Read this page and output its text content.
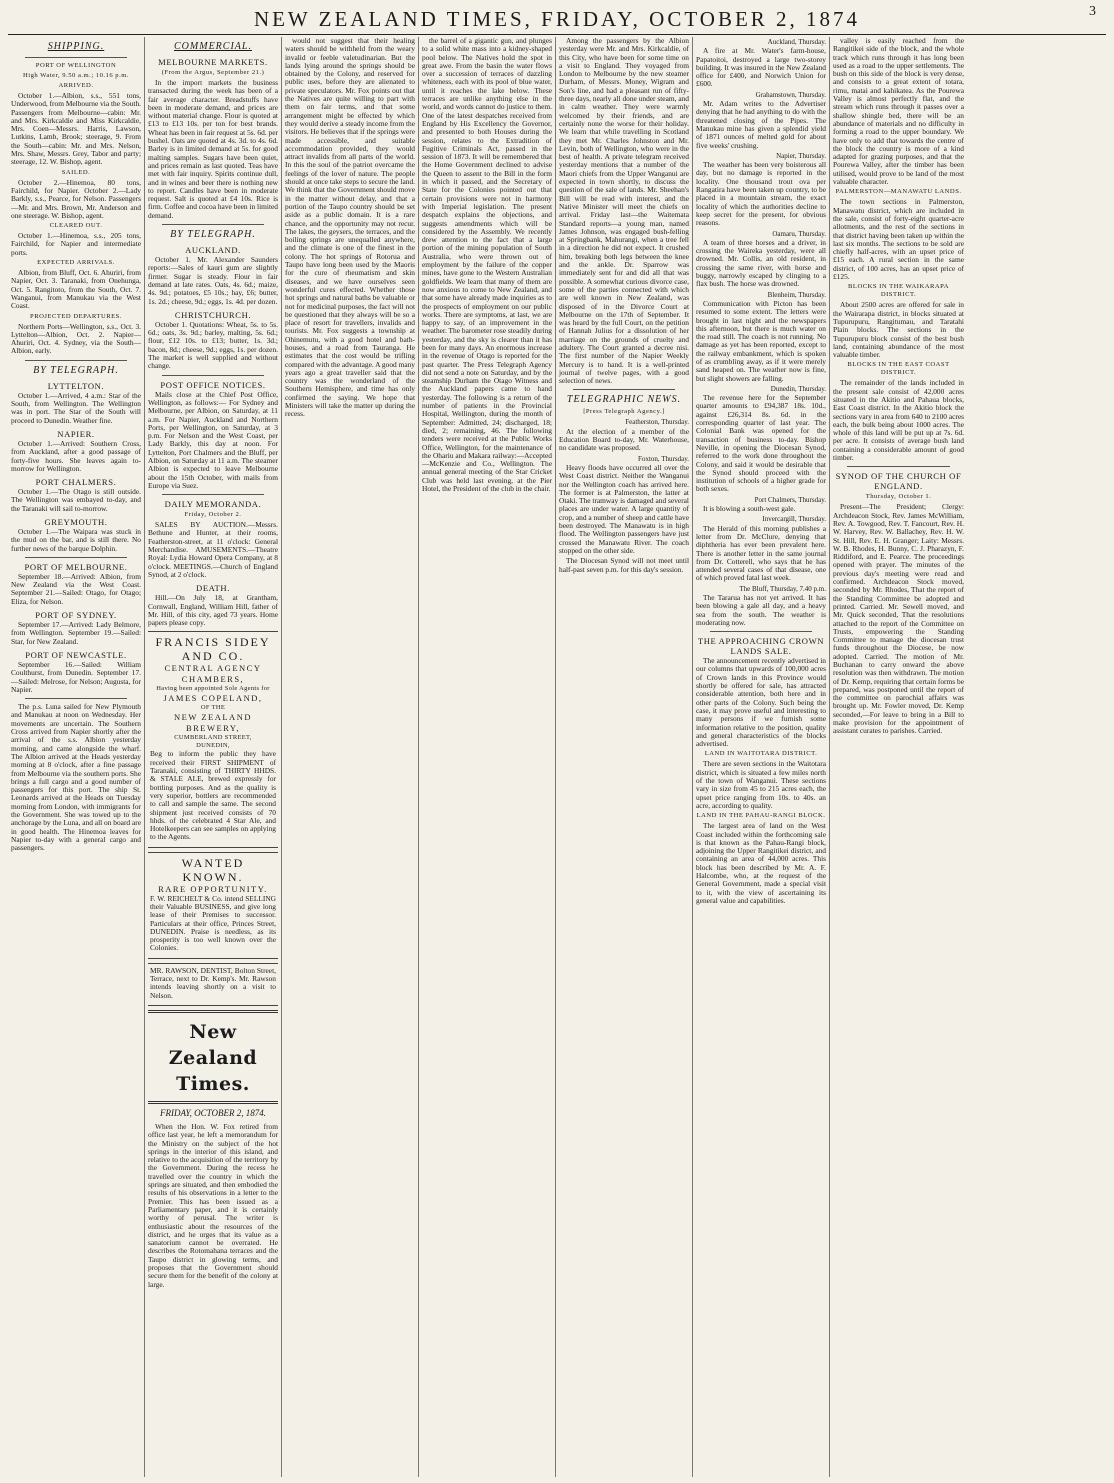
NEW ZEALAND TIMES, FRIDAY, OCTOBER 2, 1874	3
SHIPPING.
PORT OF WELLINGTON
High Water, 9.50 a.m.; 10.16 p.m.
ARRIVED.

October 1.—Albion, s.s., 551 tons, Underwood, from Melbourne via the South. Passengers from Melbourne—cabin: Mr. and Mrs. Kirkcaldie and Miss Kirkcaldie, Mrs. Coen—Messrs. Harris, Lawson, Lutkins, Lamb, Brook; steerage, 9. From the South—cabin: Mr. and Mrs. Nelson, Mrs. Shaw, Messrs. Grey, Tabor and party; steerage, 12. W. Bishop, agent.

SAILED.

October 2.—Hinemoa, 80 tons, Fairchild, for Napier. October 2.—Lady Barkly, s.s., Pearce, for Nelson. Passengers—Mr. and Mrs. Brown, Mr. Anderson and one steerage. W. Bishop, agent.

CLEARED OUT.

October 1.—Hinemoa, s.s., 205 tons, Fairchild, for Napier and intermediate ports.

EXPECTED ARRIVALS.

Albion, from Bluff, Oct. 6. Ahuriri, from Napier, Oct. 3. Taranaki, from Onehunga, Oct. 5. Rangitoto, from the South, Oct. 7. Wanganui, from Manukau via the West Coast.

PROJECTED DEPARTURES.

Northern Ports—Wellington, s.s., Oct. 3. Lyttelton—Albion, Oct. 2. Napier—Ahuriri, Oct. 4. Sydney, via the South—Albion, early.

BY TELEGRAPH.
LYTTELTON.

October 1.—Arrived, 4 a.m.: Star of the South, from Wellington. The Wellington was in port. The Star of the South will proceed to Dunedin. Weather fine.

NAPIER.

October 1.—Arrived: Southern Cross, from Auckland, after a good passage of forty-five hours. She leaves again to-morrow for Wellington.

PORT CHALMERS.

October 1.—The Otago is still outside. The Wellington was embayed to-day, and the Taranaki will sail to-morrow.

GREYMOUTH.

October 1.—The Waipara was stuck in the mud on the bar, and is still there. No further news of the barque Dolphin.

PORT OF MELBOURNE.

September 18.—Arrived: Albion, from New Zealand via the West Coast. September 21.—Sailed: Otago, for Otago; Eliza, for Nelson.

PORT OF SYDNEY.

September 17.—Arrived: Lady Belmore, from Wellington. September 19.—Sailed: Star, for New Zealand.

PORT OF NEWCASTLE.

September 16.—Sailed: William Coulthurst, from Dunedin. September 17.—Sailed: Melrose, for Nelson; Augusta, for Napier.

The p.s. Luna sailed for New Plymouth and Manukau at noon on Wednesday. Her movements are uncertain. The Southern Cross arrived from Napier shortly after the arrival of the s.s. Albion yesterday morning, and came alongside the wharf. The Albion arrived at the Heads yesterday morning at 8 o'clock, after a fine passage from Melbourne via the southern ports. She brings a full cargo and a good number of passengers for this port. The ship St. Leonards arrived at the Heads on Tuesday morning from London, with immigrants for the Government. She was towed up to the anchorage by the Luna, and all on board are in good health. The Hinemoa leaves for Napier to-day with a general cargo and passengers.

COMMERCIAL.
MELBOURNE MARKETS.
(From the Argus, September 21.)

In the import markets the business transacted during the week has been of a fair average character. Breadstuffs have been in moderate demand, and prices are without material change. Flour is quoted at £13 to £13 10s. per ton for best brands. Wheat has been in fair request at 5s. 6d. per bushel. Oats are quoted at 4s. 3d. to 4s. 6d. Barley is in limited demand at 5s. for good malting samples. Sugars have been quiet, and prices remain as last quoted. Teas have met with fair inquiry. Spirits continue dull, and in wines and beer there is nothing new to report. Candles have been in moderate request. Salt is quoted at £4 10s. Rice is firm. Coffee and cocoa have been in limited demand.

BY TELEGRAPH.
AUCKLAND.

October 1. Mr. Alexander Saunders reports:—Sales of kauri gum are slightly firmer. Sugar is steady. Flour in fair demand at late rates. Oats, 4s. 6d.; maize, 4s. 9d.; potatoes, £5 10s.; hay, £6; butter, 1s. 2d.; cheese, 9d.; eggs, 1s. 4d. per dozen.

CHRISTCHURCH.

October 1. Quotations: Wheat, 5s. to 5s. 6d.; oats, 3s. 9d.; barley, malting, 5s. 6d.; flour, £12 10s. to £13; butter, 1s. 3d.; bacon, 8d.; cheese, 9d.; eggs, 1s. per dozen. The market is well supplied and without change.

POST OFFICE NOTICES.

Mails close at the Chief Post Office, Wellington, as follows:— For Sydney and Melbourne, per Albion, on Saturday, at 11 a.m. For Napier, Auckland and Northern Ports, per Wellington, on Saturday, at 3 p.m. For Nelson and the West Coast, per Lady Barkly, this day at noon. For Lyttelton, Port Chalmers and the Bluff, per Albion, on Saturday at 11 a.m. The steamer Albion is expected to leave Melbourne about the 15th October, with mails from Europe via Suez.

DAILY MEMORANDA.
Friday, October 2.

SALES BY AUCTION.—Messrs. Bethune and Hunter, at their rooms, Featherston-street, at 11 o'clock: General Merchandise. AMUSEMENTS.—Theatre Royal: Lydia Howard Opera Company, at 8 o'clock. MEETINGS.—Church of England Synod, at 2 o'clock.

DEATH.

Hill.—On July 18, at Grantham, Cornwall, England, William Hill, father of Mr. Hill, of this city, aged 73 years. Home papers please copy.

FRANCIS SIDEY AND CO.
CENTRAL AGENCY CHAMBERS,
Having been appointed Sole Agents for
JAMES COPELAND,
OF THE
NEW ZEALAND BREWERY,
CUMBERLAND STREET,
DUNEDIN,

Beg to inform the public they have received their FIRST SHIPMENT of Taranaki, consisting of THIRTY HHDS. & STALE ALE, brewed expressly for bottling purposes. And as the quality is very superior, bottlers are recommended to call and sample the same. The second shipment just received consists of 70 hhds. of the celebrated 4 Star Ale, and Hotelkeepers can see samples on applying to the Agents.

WANTED KNOWN.
RARE OPPORTUNITY.

F. W. REICHELT & Co. intend SELLING their Valuable BUSINESS, and give long lease of their Premises to successor. Particulars at their office, Princes Street, DUNEDIN. Praise is needless, as its prosperity is too well known over the Colonies.

MR. RAWSON, DENTIST, Bolton Street, Terrace, next to Dr. Kemp's. Mr. Rawson intends leaving shortly on a visit to Nelson.

New Zealand Times.
FRIDAY, OCTOBER 2, 1874.

When the Hon. W. Fox retired from office last year, he left a memorandum for the Ministry on the subject of the hot springs in the interior of this island, and relative to the acquisition of the territory by the Government. During the recess he travelled over the country in which the springs are situated, and then embodied the results of his observations in a letter to the Premier. This has been issued as a Parliamentary paper, and it is certainly worthy of perusal. The writer is enthusiastic about the resources of the district, and he urges that its value as a sanatorium cannot be overrated. He describes the Rotomahana terraces and the Taupo district in glowing terms, and proposes that the Government should secure them for the benefit of the colony at large.

would not suggest that their healing waters should be withheld from the weary invalid or feeble valetudinarian. But the lands lying around the springs should be obtained by the Colony, and reserved for public uses, before they are alienated to private speculators. Mr. Fox points out that the Natives are quite willing to part with them on fair terms, and that some arrangement might be effected by which they would derive a steady income from the visitors. He believes that if the springs were made accessible, and suitable accommodation provided, they would attract invalids from all parts of the world. In this the soul of the patriot overcame the feelings of the lover of nature. The people should at once take steps to secure the land. We think that the Government should move in the matter without delay, and that a portion of the Taupo country should be set aside as a public domain. It is a rare chance, and the opportunity may not recur. The lakes, the geysers, the terraces, and the boiling springs are unequalled anywhere, and the climate is one of the finest in the colony. The hot springs of Rotorua and Taupo have long been used by the Maoris for the cure of rheumatism and skin diseases, and we have ourselves seen wonderful cures effected. Whether those hot springs and natural baths be valuable or not for medicinal purposes, the fact will not be questioned that they always will be so a place of resort for travellers, invalids and tourists. Mr. Fox suggests a township at Ohinemutu, with a good hotel and bath-houses, and a road from Tauranga. He estimates that the cost would be trifling compared with the advantage. A good many years ago a great traveller said that the country was the wonderland of the Southern Hemisphere, and time has only confirmed the saying. We hope that Ministers will take the matter up during the recess.

the barrel of a gigantic gun, and plunges to a solid white mass into a kidney-shaped pool below. The Natives hold the spot in great awe. From the basin the water flows over a succession of terraces of dazzling whiteness, each with its pool of blue water, until it reaches the lake below. These terraces are unlike anything else in the world, and words cannot do justice to them. One of the latest despatches received from England by His Excellency the Governor, and presented to both Houses during the session, relates to the Extradition of Fugitive Criminals Act, passed in the session of 1873. It will be remembered that the Home Government declined to advise the Queen to assent to the Bill in the form in which it passed, and the Secretary of State for the Colonies pointed out that certain provisions were not in harmony with Imperial legislation. The present despatch explains the objections, and suggests amendments which will be considered by the Assembly. We recently drew attention to the fact that a large portion of the mining population of South Australia, who were thrown out of employment by the failure of the copper mines, have gone to the Western Australian goldfields. We learn that many of them are now anxious to come to New Zealand, and that some have already made inquiries as to the prospects of employment on our public works. There are symptoms, at last, we are happy to say, of an improvement in the weather. The barometer rose steadily during yesterday, and the sky is clearer than it has been for many days. An enormous increase in the revenue of Otago is reported for the past quarter. The Press Telegraph Agency did not send a note on Saturday, and by the steamship Durham the Otago Witness and the Auckland papers came to hand yesterday. The following is a return of the number of patients in the Provincial Hospital, Wellington, during the month of September: Admitted, 24; discharged, 18; died, 2; remaining, 46. The following tenders were received at the Public Works Office, Wellington, for the maintenance of the Ohariu and Makara railway:—Accepted—McKenzie and Co., Wellington. The annual general meeting of the Star Cricket Club was held last evening, at the Pier Hotel, the President of the club in the chair.

Among the passengers by the Albion yesterday were Mr. and Mrs. Kirkcaldie, of this City, who have been for some time on a visit to England. They voyaged from London to Melbourne by the new steamer Durham, of Messrs. Money, Wigram and Son's line, and had a pleasant run of fifty-three days, nearly all done under steam, and in calm weather. They were warmly welcomed by their friends, and are certainly none the worse for their holiday. We learn that while travelling in Scotland they met Mr. Charles Johnston and Mr. Levin, both of Wellington, who were in the best of health. A private telegram received yesterday mentions that a number of the Maori chiefs from the Upper Wanganui are expected in town shortly, to discuss the question of the sale of lands. Mr. Sheehan's Bill will be read with interest, and the Native Minister will meet the chiefs on arrival. Friday last—the Waitemata Standard reports—a young man, named James Johnson, was engaged bush-felling at Springbank, Mahurangi, when a tree fell in a direction he did not expect. It crushed him, breaking both legs between the knee and the ankle. Dr. Sparrow was immediately sent for and did all that was possible. A somewhat curious divorce case, some of the parties connected with which are well known in New Zealand, was disposed of in the Divorce Court at Melbourne on the 17th of September. It was heard by the full Court, on the petition of Hannah Julius for a dissolution of her marriage on the grounds of cruelty and adultery. The Court granted a decree nisi. The first number of the Napier Weekly Mercury is to hand. It is a well-printed journal of twelve pages, with a good selection of news.

TELEGRAPHIC NEWS.
[Press Telegraph Agency.]
Featherston, Thursday.

At the election of a member of the Education Board to-day, Mr. Waterhouse, no candidate was proposed.

Foxton, Thursday.

Heavy floods have occurred all over the West Coast district. Neither the Wanganui nor the Wellington coach has arrived here. The former is at Palmerston, the latter at Otaki. The tramway is damaged and several places are under water. A large quantity of crop, and a number of sheep and cattle have been destroyed. The Manawatu is in high flood. The Wellington passengers have just crossed the Manawatu River. The coach stopped on the other side.

The Diocesan Synod will not meet until half-past seven p.m. for this day's session.

Auckland, Thursday.

A fire at Mr. Water's farm-house, Papatoitoi, destroyed a large two-storey building. It was insured in the New Zealand office for £400, and Norwich Union for £600.

Grahamstown, Thursday.

Mr. Adam writes to the Advertiser denying that he had anything to do with the threatened closing of the Pipes. The Manukau mine has given a splendid yield of 1871 ounces of melted gold for about five weeks' crushing.

Napier, Thursday.

The weather has been very boisterous all day, but no damage is reported in the locality. One thousand trout ova per Rangatira have been taken up country, to be placed in a mountain stream, the exact locality of which the authorities decline to keep secret for the present, for obvious reasons.

Oamaru, Thursday.

A team of three horses and a driver, in crossing the Waireka yesterday, were all drowned. Mr. Collis, an old resident, in crossing the same river, with horse and buggy, narrowly escaped by clinging to a flax bush. The horse was drowned.

Blenheim, Thursday.

Communication with Picton has been resumed to some extent. The letters were brought in last night and the newspapers this afternoon, but there is much water on the road still. The coach is not running. No damage as yet has been reported, except to the railway embankment, which is spoken of as crumbling away, as if it were merely sand heaped on. The weather now is fine, but slight showers are falling.

Dunedin, Thursday.

The revenue here for the September quarter amounts to £94,387 18s. 10d., against £26,314 8s. 6d. in the corresponding quarter of last year. The Colonial Bank was opened for the transaction of business to-day. Bishop Neville, in opening the Diocesan Synod, referred to the work done throughout the Colony, and said it would be desirable that the Synod should proceed with the institution of schools of a higher grade for both sexes.

Port Chalmers, Thursday.

It is blowing a south-west gale.

Invercargill, Thursday.

The Herald of this morning publishes a letter from Dr. McClure, denying that diphtheria has ever been prevalent here. There is another letter in the same journal from Dr. Cotterell, who says that he has attended several cases of that disease, one of which proved fatal last week.

The Bluff, Thursday, 7.40 p.m.

The Tararua has not yet arrived. It has been blowing a gale all day, and a heavy sea from the south. The weather is moderating now.

THE APPROACHING CROWN LANDS SALE.

The announcement recently advertised in our columns that upwards of 100,000 acres of Crown lands in this Province would shortly be offered for sale, has attracted considerable attention, both here and in other parts of the Colony. Such being the case, it may prove useful and interesting to many persons if we furnish some information relative to the position, quality and general characteristics of the blocks advertised.

LAND IN WAITOTARA DISTRICT.

There are seven sections in the Waitotara district, which is situated a few miles north of the town of Wanganui. These sections vary in size from 45 to 215 acres each, the upset price ranging from 10s. to 40s. an acre, according to quality.

LAND IN THE PAHAU-RANGI BLOCK.

The largest area of land on the West Coast included within the forthcoming sale is that known as the Pahau-Rangi block, adjoining the Upper Rangitikei district, and containing an area of 44,000 acres. This block has been described by Mr. A. F. Halcombe, who, at the request of the General Government, made a special visit to it, with the view of ascertaining its general value and capabilities.

valley is easily reached from the Rangitikei side of the block, and the whole track which runs through it has long been used as a road to the upper settlements. The bush on this side of the block is very dense, and consists to a great extent of totara, rimu, matai and kahikatea. As the Pourewa Valley is almost perfectly flat, and the stream which runs through it passes over a shallow shingle bed, there will be an abundance of materials and no difficulty in forming a road to the upper boundary. We have only to add that towards the centre of the block the country is more of a kind adapted for grazing purposes, and that the Pourewa Valley, after the timber has been utilised, would prove to be land of the most valuable character.

PALMERSTON—MANAWATU LANDS.

The town sections in Palmerston, Manawatu district, which are included in the sale, consist of forty-eight quarter-acre allotments, and the rest of the sections in that district having been taken up within the last six months. The sections to be sold are chiefly half-acres, with an upset price of £15 each. A rural section in the same district, of 100 acres, has an upset price of £125.

BLOCKS IN THE WAIKARAPA DISTRICT.

About 2500 acres are offered for sale in the Wairarapa district, in blocks situated at Tupurupuru, Rangitumau, and Taratahi Plain blocks. The sections in the Tupurupuru block consist of the best bush land, containing abundance of the most valuable timber.

BLOCKS IN THE EAST COAST DISTRICT.

The remainder of the lands included in the present sale consist of 42,000 acres situated in the Akitio and Pahaua blocks, East Coast district. In the Akitio block the sections vary in area from 640 to 2100 acres each, the bulk being about 1000 acres. The whole of this land will be put up at 7s. 6d. per acre. It consists of average bush land containing a considerable amount of good timber.

SYNOD OF THE CHURCH OF ENGLAND.
Thursday, October 1.

Present—The President; Clergy: Archdeacon Stock, Rev. James McWilliam, Rev. A. Towgood, Rev. T. Fancourt, Rev. H. W. Harvey, Rev. W. Ballachey, Rev. H. W. St. Hill, Rev. E. H. Granger; Laity: Messrs. W. B. Rhodes, H. Bunny, C. J. Pharazyn, F. Riddiford, and E. Pearce. The proceedings opened with prayer. The minutes of the previous day's meeting were read and confirmed. Archdeacon Stock moved, seconded by Mr. Rhodes, That the report of the Standing Committee be adopted and printed. Carried. Mr. Sewell moved, and Mr. Quick seconded, That the resolutions attached to the report of the Committee on Trusts, empowering the Standing Committee to manage the diocesan trust funds throughout the Diocese, be now adopted. Carried. The motion of Mr. Buchanan to carry onward the above resolution was then withdrawn. The motion of Dr. Kemp, requiring that certain forms be prepared, was postponed until the report of the committee on parochial affairs was brought up. Mr. Fowler moved, Dr. Kemp seconded,—For leave to bring in a Bill to make provision for the appointment of assistant curates to parishes. Carried.
